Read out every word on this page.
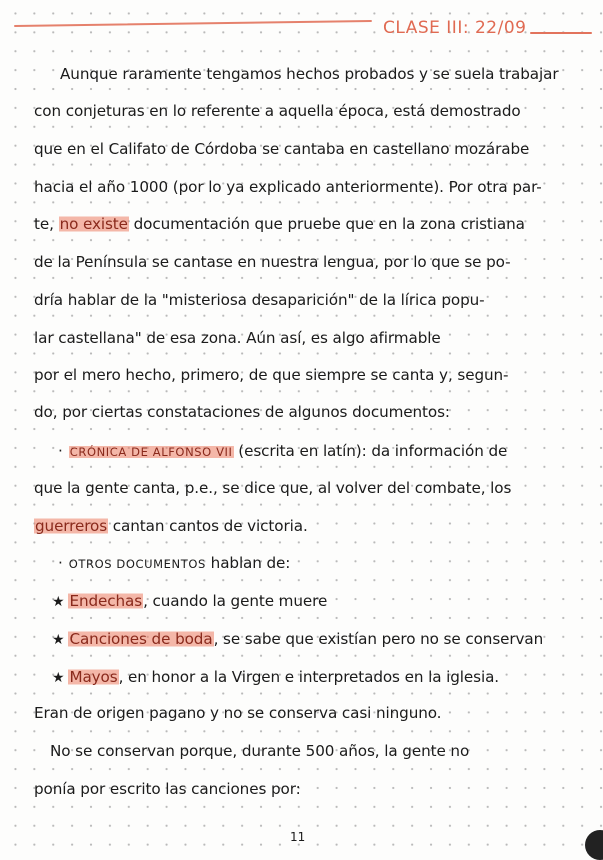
CLASE III: 22/09
Aunque raramente tengamos hechos probados y se suela trabajar
con conjeturas en lo referente a aquella época, está demostrado
que en el Califato de Córdoba se cantaba en castellano mozárabe
hacia el año 1000 (por lo ya explicado anteriormente). Por otra par-
te, no existe documentación que pruebe que en la zona cristiana
de la Península se cantase en nuestra lengua, por lo que se po-
dría hablar de la "misteriosa desaparición" de la lírica popu-
lar castellana" de esa zona. Aún así, es algo afirmable
por el mero hecho, primero, de que siempre se canta y, segun-
do, por ciertas constataciones de algunos documentos:
· CRÓNICA DE ALFONSO VII (escrita en latín): da información de
que la gente canta, p.e., se dice que, al volver del combate, los
guerreros cantan cantos de victoria.
· OTROS DOCUMENTOS hablan de:
★ Endechas, cuando la gente muere
★ Canciones de boda, se sabe que existían pero no se conservan
★ Mayos, en honor a la Virgen e interpretados en la iglesia.
Eran de origen pagano y no se conserva casi ninguno.
No se conservan porque, durante 500 años, la gente no
ponía por escrito las canciones por:
11
